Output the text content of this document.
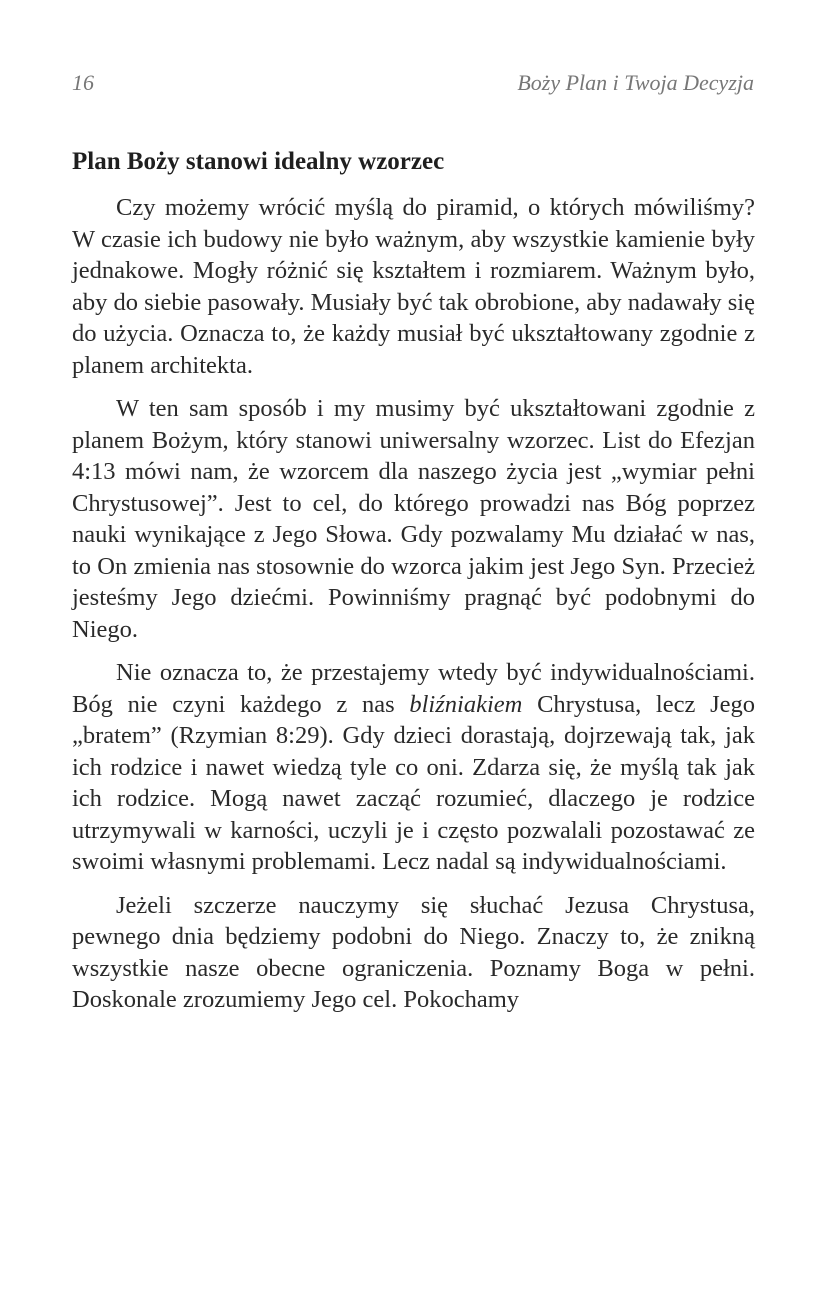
16	Boży Plan i Twoja Decyzja
Plan Boży stanowi idealny wzorzec

Czy możemy wrócić myślą do piramid, o których mówiliśmy? W czasie ich budowy nie było ważnym, aby wszystkie kamienie były jednakowe. Mogły różnić się kształtem i rozmiarem. Ważnym było, aby do siebie pasowały. Musiały być tak obrobione, aby nadawały się do użycia. Oznacza to, że każdy musiał być ukształtowany zgodnie z planem architekta.

W ten sam sposób i my musimy być ukształtowani zgodnie z planem Bożym, który stanowi uniwersalny wzorzec. List do Efezjan 4:13 mówi nam, że wzorcem dla naszego życia jest „wymiar pełni Chrystusowej”. Jest to cel, do którego prowadzi nas Bóg poprzez nauki wynikające z Jego Słowa. Gdy pozwalamy Mu działać w nas, to On zmienia nas stosownie do wzorca jakim jest Jego Syn. Przecież jesteśmy Jego dziećmi. Powinniśmy pragnąć być podobnymi do Niego.

Nie oznacza to, że przestajemy wtedy być indywidualnościami. Bóg nie czyni każdego z nas bliźniakiem Chrystusa, lecz Jego „bratem” (Rzymian 8:29). Gdy dzieci dorastają, dojrzewają tak, jak ich rodzice i nawet wiedzą tyle co oni. Zdarza się, że myślą tak jak ich rodzice. Mogą nawet zacząć rozumieć, dlaczego je rodzice utrzymywali w karności, uczyli je i często pozwalali pozostawać ze swoimi własnymi problemami. Lecz nadal są indywidualnościami.

Jeżeli szczerze nauczymy się słuchać Jezusa Chrystusa, pewnego dnia będziemy podobni do Niego. Znaczy to, że znikną wszystkie nasze obecne ograniczenia. Poznamy Boga w pełni. Doskonale zrozumiemy Jego cel. Pokochamy
